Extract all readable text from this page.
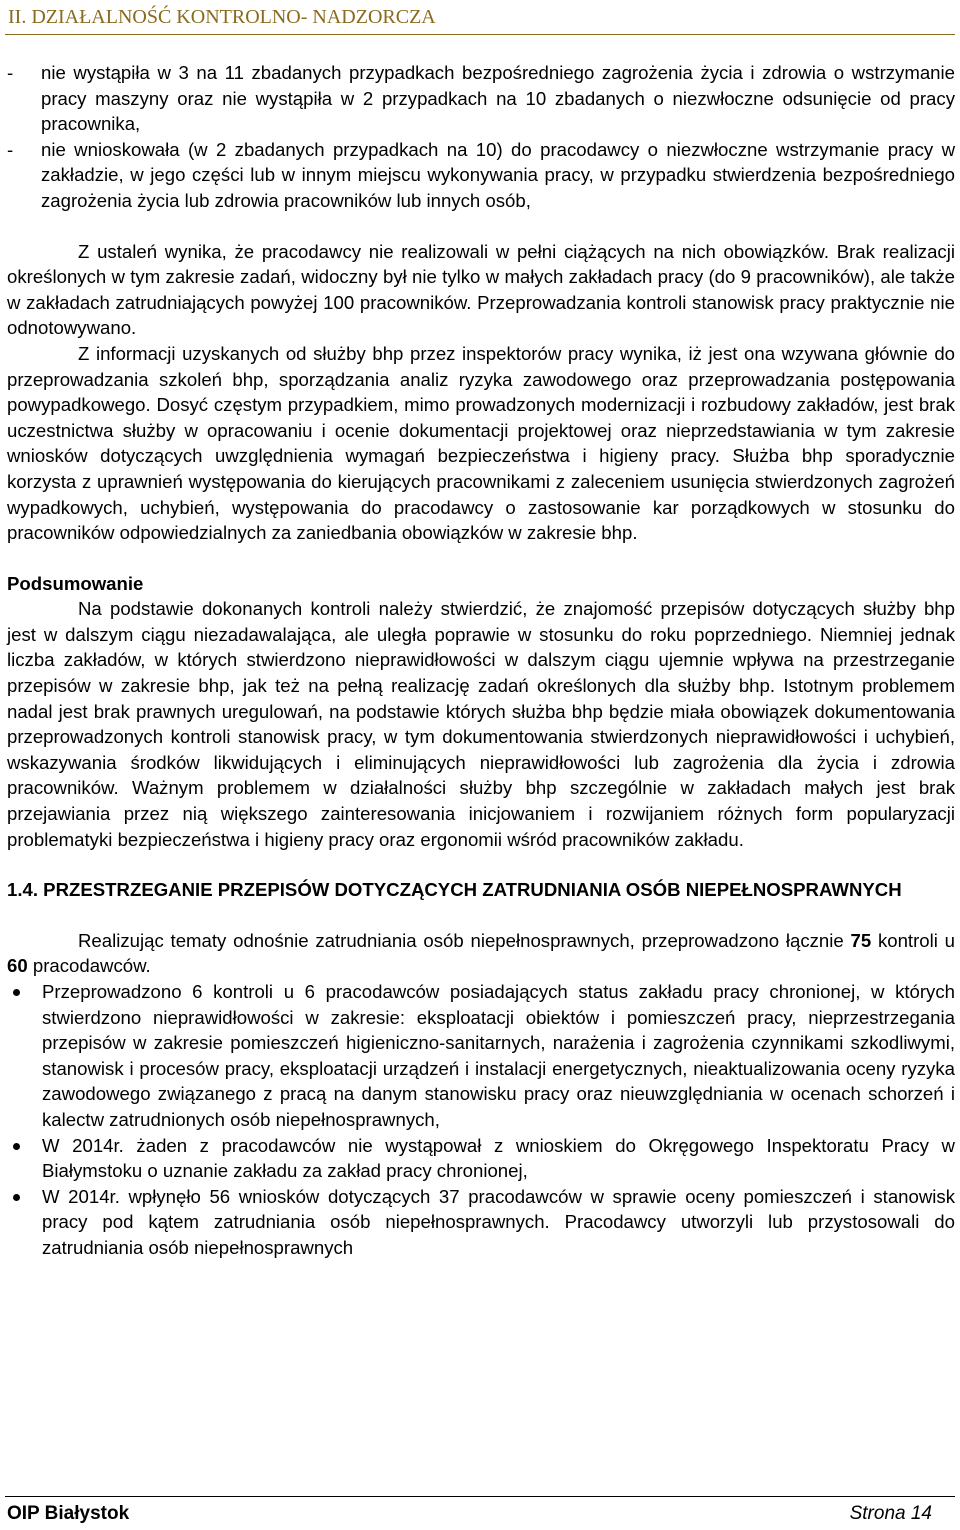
II. DZIAŁALNOŚĆ KONTROLNO- NADZORCZA

-	nie wystąpiła w 3 na 11 zbadanych przypadkach bezpośredniego zagrożenia życia i zdrowia o wstrzymanie pracy maszyny oraz nie wystąpiła w 2 przypadkach na 10 zbadanych o niezwłoczne odsunięcie od pracy pracownika,

-	nie wnioskowała (w 2 zbadanych przypadkach na 10) do pracodawcy o niezwłoczne wstrzymanie pracy w zakładzie, w jego części lub w innym miejscu wykonywania pracy, w przypadku stwierdzenia bezpośredniego zagrożenia życia lub zdrowia pracowników lub innych osób,

Z ustaleń wynika, że pracodawcy nie realizowali w pełni ciążących na nich obowiązków. Brak realizacji określonych w tym zakresie zadań, widoczny był nie tylko w małych zakładach pracy (do 9 pracowników), ale także w zakładach zatrudniających powyżej 100 pracowników. Przeprowadzania kontroli stanowisk pracy praktycznie nie odnotowywano.

Z informacji uzyskanych od służby bhp przez inspektorów pracy wynika, iż jest ona wzywana głównie do przeprowadzania szkoleń bhp, sporządzania analiz ryzyka zawodowego oraz przeprowadzania postępowania powypadkowego. Dosyć częstym przypadkiem, mimo prowadzonych modernizacji i rozbudowy zakładów, jest brak uczestnictwa służby w opracowaniu i ocenie dokumentacji projektowej oraz nieprzedstawiania w tym zakresie wniosków dotyczących uwzględnienia wymagań bezpieczeństwa i higieny pracy. Służba bhp sporadycznie korzysta z uprawnień występowania do kierujących pracownikami z zaleceniem usunięcia stwierdzonych zagrożeń wypadkowych, uchybień, występowania do pracodawcy o zastosowanie kar porządkowych w stosunku do pracowników odpowiedzialnych za zaniedbania obowiązków w zakresie bhp.

Podsumowanie

Na podstawie dokonanych kontroli należy stwierdzić, że znajomość przepisów dotyczących służby bhp jest w dalszym ciągu niezadawalająca, ale uległa poprawie w stosunku do roku poprzedniego. Niemniej jednak liczba zakładów, w których stwierdzono nieprawidłowości w dalszym ciągu ujemnie wpływa na przestrzeganie przepisów w zakresie bhp, jak też na pełną realizację zadań określonych dla służby bhp. Istotnym problemem nadal jest brak prawnych uregulowań, na podstawie których służba bhp będzie miała obowiązek dokumentowania przeprowadzonych kontroli stanowisk pracy, w tym dokumentowania stwierdzonych nieprawidłowości i uchybień, wskazywania środków likwidujących i eliminujących nieprawidłowości lub zagrożenia dla życia i zdrowia pracowników. Ważnym problemem w działalności służby bhp szczególnie w zakładach małych jest brak przejawiania przez nią większego zainteresowania inicjowaniem i rozwijaniem różnych form popularyzacji problematyki bezpieczeństwa i higieny pracy oraz ergonomii wśród pracowników zakładu.

1.4. PRZESTRZEGANIE PRZEPISÓW DOTYCZĄCYCH ZATRUDNIANIA OSÓB NIEPEŁNOSPRAWNYCH

Realizując tematy odnośnie zatrudniania osób niepełnosprawnych, przeprowadzono łącznie 75 kontroli u 60 pracodawców.

Przeprowadzono 6 kontroli u 6 pracodawców posiadających status zakładu pracy chronionej, w których stwierdzono nieprawidłowości w zakresie: eksploatacji obiektów i pomieszczeń pracy, nieprzestrzegania przepisów w zakresie pomieszczeń higieniczno-sanitarnych, narażenia i zagrożenia czynnikami szkodliwymi, stanowisk i procesów pracy, eksploatacji urządzeń i instalacji energetycznych, nieaktualizowania oceny ryzyka zawodowego związanego z pracą na danym stanowisku pracy oraz nieuwzględniania w ocenach schorzeń i kalectw zatrudnionych osób niepełnosprawnych,
W 2014r. żaden z pracodawców nie wystąpował z wnioskiem do Okręgowego Inspektoratu Pracy w Białymstoku o uznanie zakładu za zakład pracy chronionej,
W 2014r. wpłynęło 56 wniosków dotyczących 37 pracodawców w sprawie oceny pomieszczeń i stanowisk pracy pod kątem zatrudniania osób niepełnosprawnych. Pracodawcy utworzyli lub przystosowali do zatrudniania osób niepełnosprawnych
OIP Białystok	Strona 14
